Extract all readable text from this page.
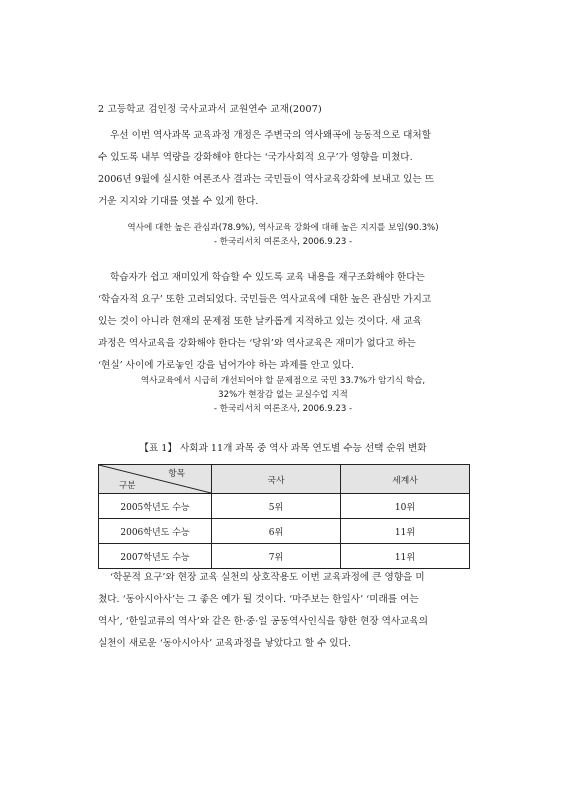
2 고등학교 검인정 국사교과서 교원연수 교재(2007)

우선 이번 역사과목 교육과정 개정은 주변국의 역사왜곡에 능동적으로 대처할
수 있도록 내부 역량을 강화해야 한다는 ‘국가사회적 요구’가 영향을 미쳤다.
2006년 9월에 실시한 여론조사 결과는 국민들이 역사교육강화에 보내고 있는 뜨
거운 지지와 기대를 엿볼 수 있게 한다.

역사에 대한 높은 관심과(78.9%), 역사교육 강화에 대해 높은 지지를 보임(90.3%)
- 한국리서치 여론조사, 2006.9.23 -

학습자가 쉽고 재미있게 학습할 수 있도록 교육 내용을 재구조화해야 한다는
‘학습자적 요구’ 또한 고려되었다. 국민들은 역사교육에 대한 높은 관심만 가지고
있는 것이 아니라 현재의 문제점 또한 날카롭게 지적하고 있는 것이다. 새 교육
과정은 역사교육을 강화해야 한다는 ‘당위’와 역사교육은 재미가 없다고 하는
‘현실’ 사이에 가로놓인 강을 넘어가야 하는 과제를 안고 있다.

역사교육에서 시급히 개선되어야 할 문제점으로 국민 33.7%가 암기식 학습,
32%가 현장감 없는 교실수업 지적
- 한국리서치 여론조사, 2006.9.23 -
【표 1】 사회과 11개 과목 중 역사 과목 연도별 수능 선택 순위 변화
항목
구분	국사	세계사
2005학년도 수능	5위	10위
2006학년도 수능	6위	11위
2007학년도 수능	7위	11위

‘학문적 요구’와 현장 교육 실천의 상호작용도 이번 교육과정에 큰 영향을 미
쳤다. ‘동아시아사’는 그 좋은 예가 될 것이다. ‘마주보는 한일사’ ‘미래를 여는
역사’, ‘한일교류의 역사’와 같은 한·중·일 공동역사인식을 향한 현장 역사교육의
실천이 새로운 ‘동아시아사’ 교육과정을 낳았다고 할 수 있다.
